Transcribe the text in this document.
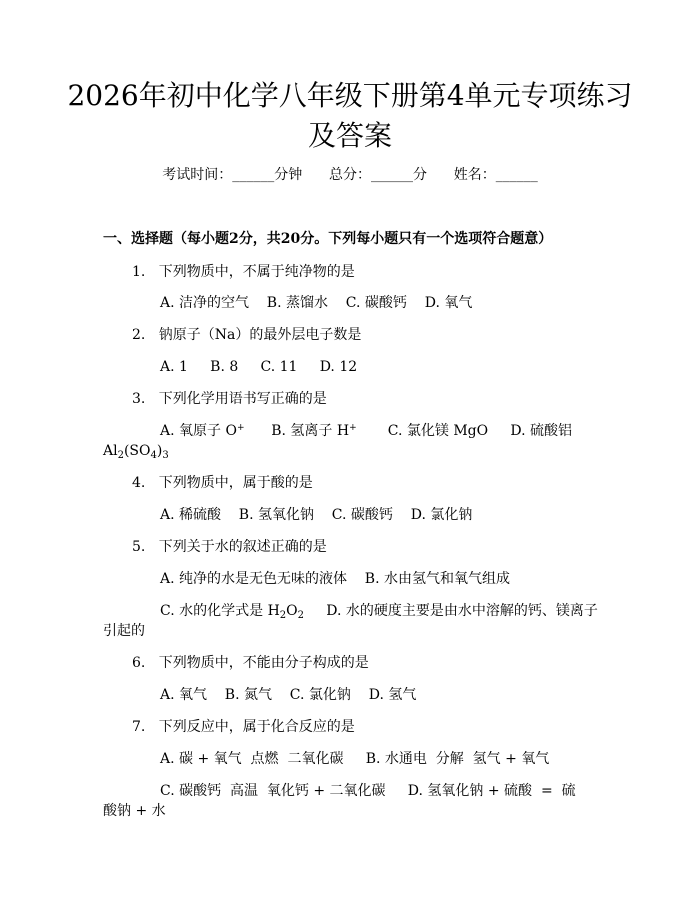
2026年初中化学八年级下册第4单元专项练习及答案
考试时间：______分钟 总分：______分 姓名：______
一、选择题（每小题2分，共20分。下列每小题只有一个选项符合题意）
1. 下列物质中，不属于纯净物的是
A. 洁净的空气    B. 蒸馏水    C. 碳酸钙    D. 氧气
2. 钠原子（Na）的最外层电子数是
A. 1     B. 8     C. 11     D. 12
3. 下列化学用语书写正确的是
A. 氧原子 O+      B. 氢离子 H+       C. 氯化镁 MgO     D. 硫酸铝
$Al_2(SO_4)_3$
4. 下列物质中，属于酸的是
A. 稀硫酸    B. 氢氧化钠    C. 碳酸钙    D. 氯化钠
5. 下列关于水的叙述正确的是
A. 纯净的水是无色无味的液体    B. 水由氢气和氧气组成
C. 水的化学式是 $H_2O_2$     D. 水的硬度主要是由水中溶解的钙、镁离子
引起的
6. 下列物质中，不能由分子构成的是
A. 氧气    B. 氮气    C. 氯化钠    D. 氢气
7. 下列反应中，属于化合反应的是
A. 碳 + 氧气  点燃  二氧化碳     B. 水通电  分解  氢气 + 氧气
C. 碳酸钙  高温  氧化钙 + 二氧化碳     D. 氢氧化钠 + 硫酸  =  硫
酸钠 + 水
